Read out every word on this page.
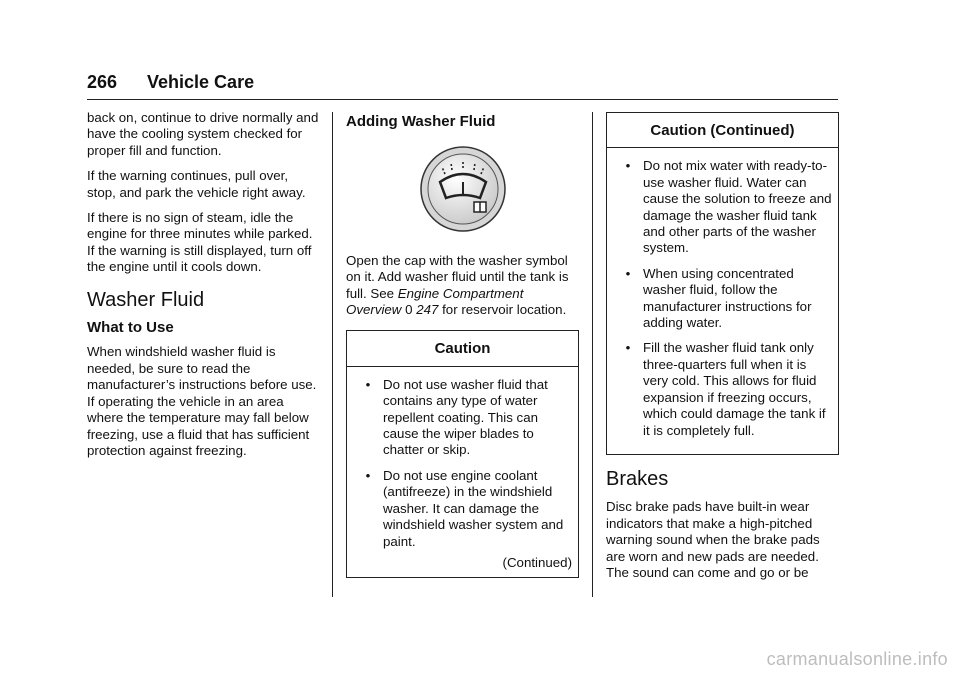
266 Vehicle Care

back on, continue to drive normally and have the cooling system checked for proper fill and function.

If the warning continues, pull over, stop, and park the vehicle right away.

If there is no sign of steam, idle the engine for three minutes while parked. If the warning is still displayed, turn off the engine until it cools down.

Washer Fluid
What to Use

When windshield washer fluid is needed, be sure to read the manufacturer’s instructions before use. If operating the vehicle in an area where the temperature may fall below freezing, use a fluid that has sufficient protection against freezing.

Adding Washer Fluid

Open the cap with the washer symbol on it. Add washer fluid until the tank is full. See Engine Compartment Overview 0 247 for reservoir location.

Caution
• Do not use washer fluid that contains any type of water repellent coating. This can cause the wiper blades to chatter or skip.
• Do not use engine coolant (antifreeze) in the windshield washer. It can damage the windshield washer system and paint.
(Continued)
Caution (Continued)
• Do not mix water with ready-to-use washer fluid. Water can cause the solution to freeze and damage the washer fluid tank and other parts of the washer system.
• When using concentrated washer fluid, follow the manufacturer instructions for adding water.
• Fill the washer fluid tank only three-quarters full when it is very cold. This allows for fluid expansion if freezing occurs, which could damage the tank if it is completely full.
Brakes

Disc brake pads have built-in wear indicators that make a high-pitched warning sound when the brake pads are worn and new pads are needed. The sound can come and go or be

carmanualsonline.info
